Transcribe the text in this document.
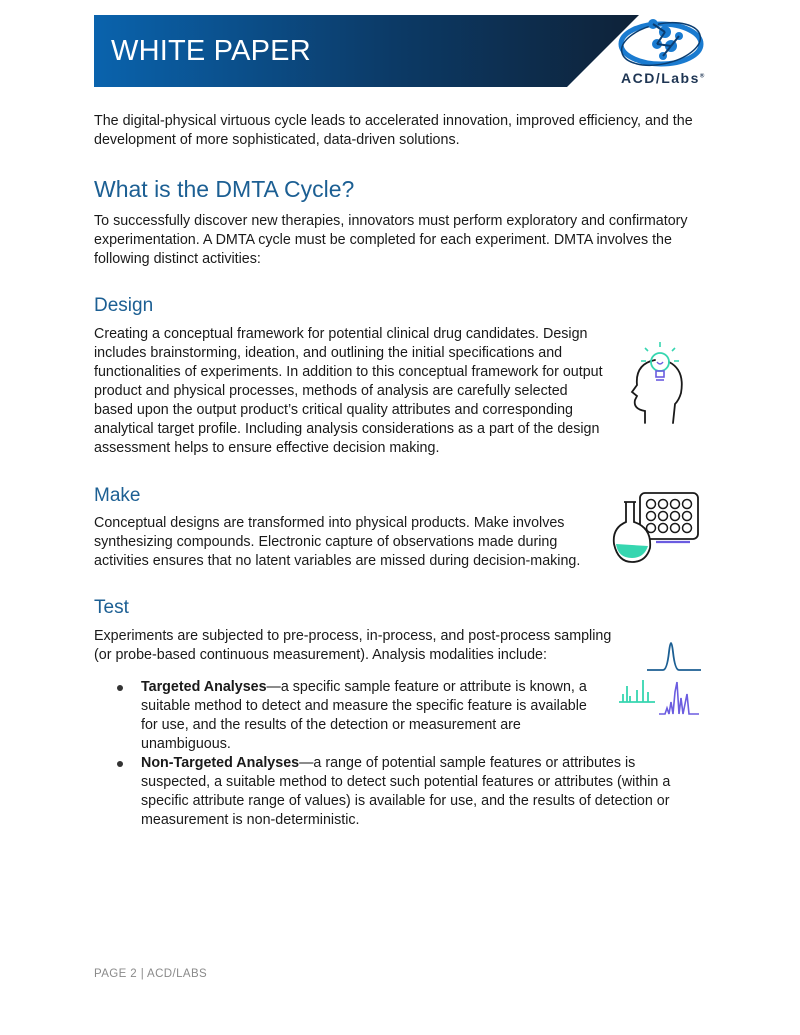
WHITE PAPER
ACD/Labs®

The digital-physical virtuous cycle leads to accelerated innovation, improved efficiency, and the development of more sophisticated, data-driven solutions.

What is the DMTA Cycle?

To successfully discover new therapies, innovators must perform exploratory and confirmatory experimentation. A DMTA cycle must be completed for each experiment. DMTA involves the following distinct activities:

Design

Creating a conceptual framework for potential clinical drug candidates. Design includes brainstorming, ideation, and outlining the initial specifications and functionalities of experiments. In addition to this conceptual framework for output product and physical processes, methods of analysis are carefully selected based upon the output product’s critical quality attributes and corresponding analytical target profile. Including analysis considerations as a part of the design assessment helps to ensure effective decision making.

Make

Conceptual designs are transformed into physical products. Make involves synthesizing compounds. Electronic capture of observations made during activities ensures that no latent variables are missed during decision-making.

Test

Experiments are subjected to pre-process, in-process, and post-process sampling (or probe-based continuous measurement). Analysis modalities include:

Targeted Analyses—a specific sample feature or attribute is known, a suitable method to detect and measure the specific feature is available for use, and the results of the detection or measurement are unambiguous.
Non-Targeted Analyses—a range of potential sample features or attributes is suspected, a suitable method to detect such potential features or attributes (within a specific attribute range of values) is available for use, and the results of detection or measurement is non-deterministic.
PAGE 2 | ACD/LABS
